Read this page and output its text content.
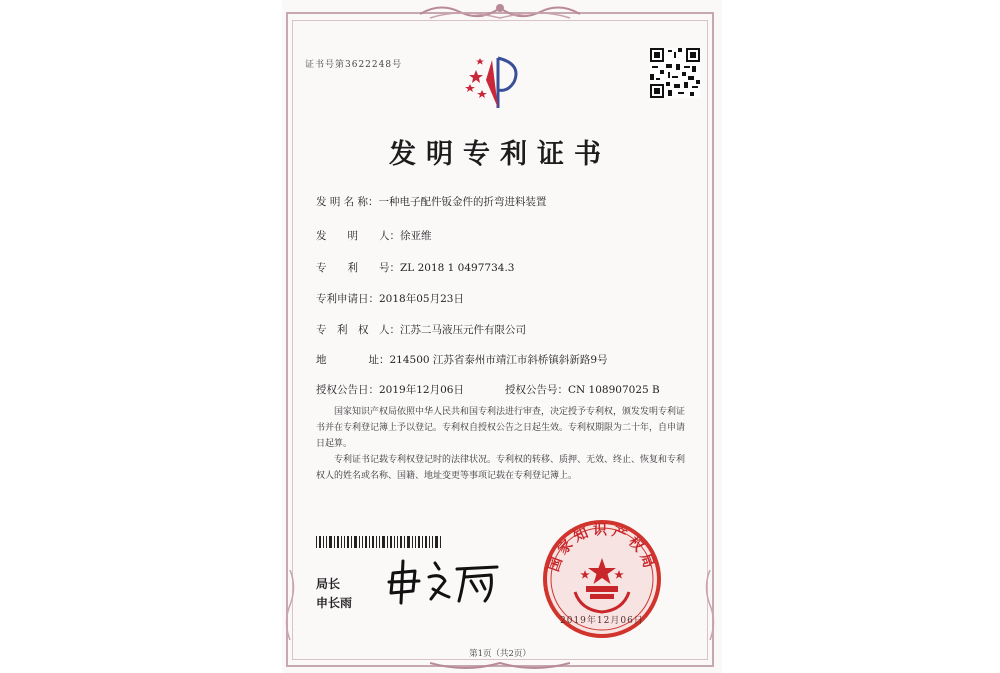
证书号第3622248号
发明专利证书
发 明 名 称：一种电子配件钣金件的折弯进料装置
发　　明　　人：徐亚维
专　　利　　号：ZL 2018 1 0497734.3
专利申请日：2018年05月23日
专　利　权　人：江苏二马液压元件有限公司
地　　　　址：214500 江苏省泰州市靖江市斜桥镇斜新路9号
授权公告日：2019年12月06日	授权公告号：CN 108907025 B
国家知识产权局依照中华人民共和国专利法进行审查，决定授予专利权，颁发发明专利证书并在专利登记簿上予以登记。专利权自授权公告之日起生效。专利权期限为二十年，自申请日起算。
专利证书记载专利权登记时的法律状况。专利权的转移、质押、无效、终止、恢复和专利权人的姓名或名称、国籍、地址变更等事项记载在专利登记簿上。
局长
申长雨
国家知识产权局
2019年12月06日
第1页（共2页）
